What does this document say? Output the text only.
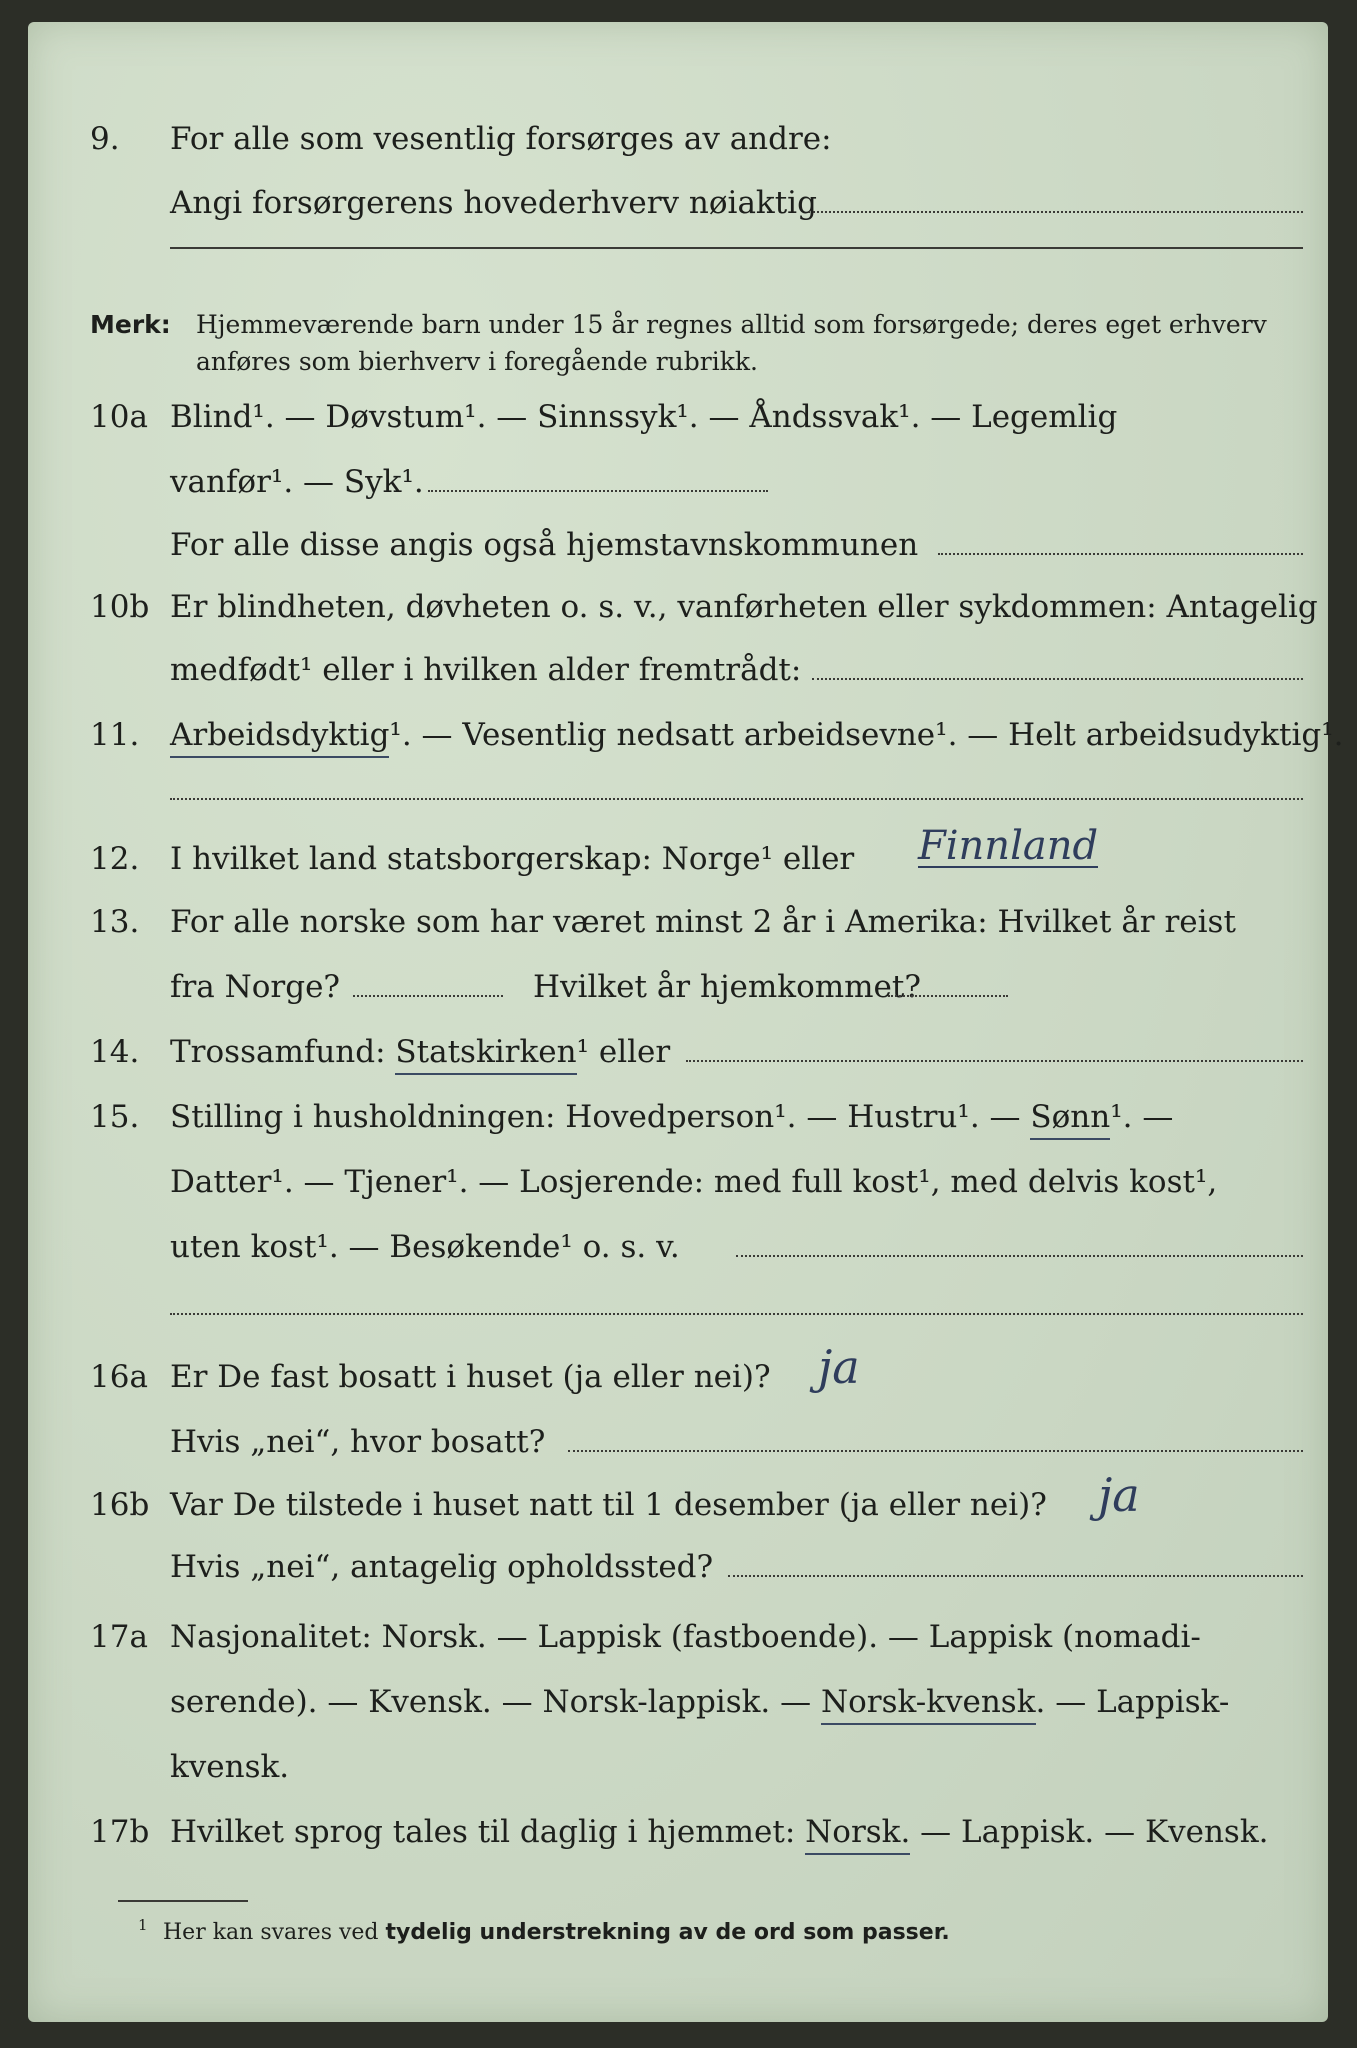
9. For alle som vesentlig forsørges av andre:
Angi forsørgerens hovederhverv nøiaktig
Merk: Hjemmeværende barn under 15 år regnes alltid som forsørgede; deres eget erhverv
anføres som bierhverv i foregående rubrikk.
10a Blind¹. — Døvstum¹. — Sinnssyk¹. — Åndssvak¹. — Legemlig
vanfør¹. — Syk¹.
For alle disse angis også hjemstavnskommunen
10b Er blindheten, døvheten o. s. v., vanførheten eller sykdommen: Antagelig
medfødt¹ eller i hvilken alder fremtrådt:
11. Arbeidsdyktig¹. — Vesentlig nedsatt arbeidsevne¹. — Helt arbeidsudyktig¹.
12. I hvilket land statsborgerskap: Norge¹ eller Finnland
13. For alle norske som har været minst 2 år i Amerika: Hvilket år reist
fra Norge?	Hvilket år hjemkommet?
14. Trossamfund: Statskirken¹ eller
15. Stilling i husholdningen: Hovedperson¹. — Hustru¹. — Sønn¹. —
Datter¹. — Tjener¹. — Losjerende: med full kost¹, med delvis kost¹,
uten kost¹. — Besøkende¹ o. s. v.
16a Er De fast bosatt i huset (ja eller nei)? ja
Hvis „nei“, hvor bosatt?
16b Var De tilstede i huset natt til 1 desember (ja eller nei)? ja
Hvis „nei“, antagelig opholdssted?
17a Nasjonalitet: Norsk. — Lappisk (fastboende). — Lappisk (nomadi-
serende). — Kvensk. — Norsk-lappisk. — Norsk-kvensk. — Lappisk-
kvensk.
17b Hvilket sprog tales til daglig i hjemmet: Norsk. — Lappisk. — Kvensk.
1 Her kan svares ved tydelig understrekning av de ord som passer.
